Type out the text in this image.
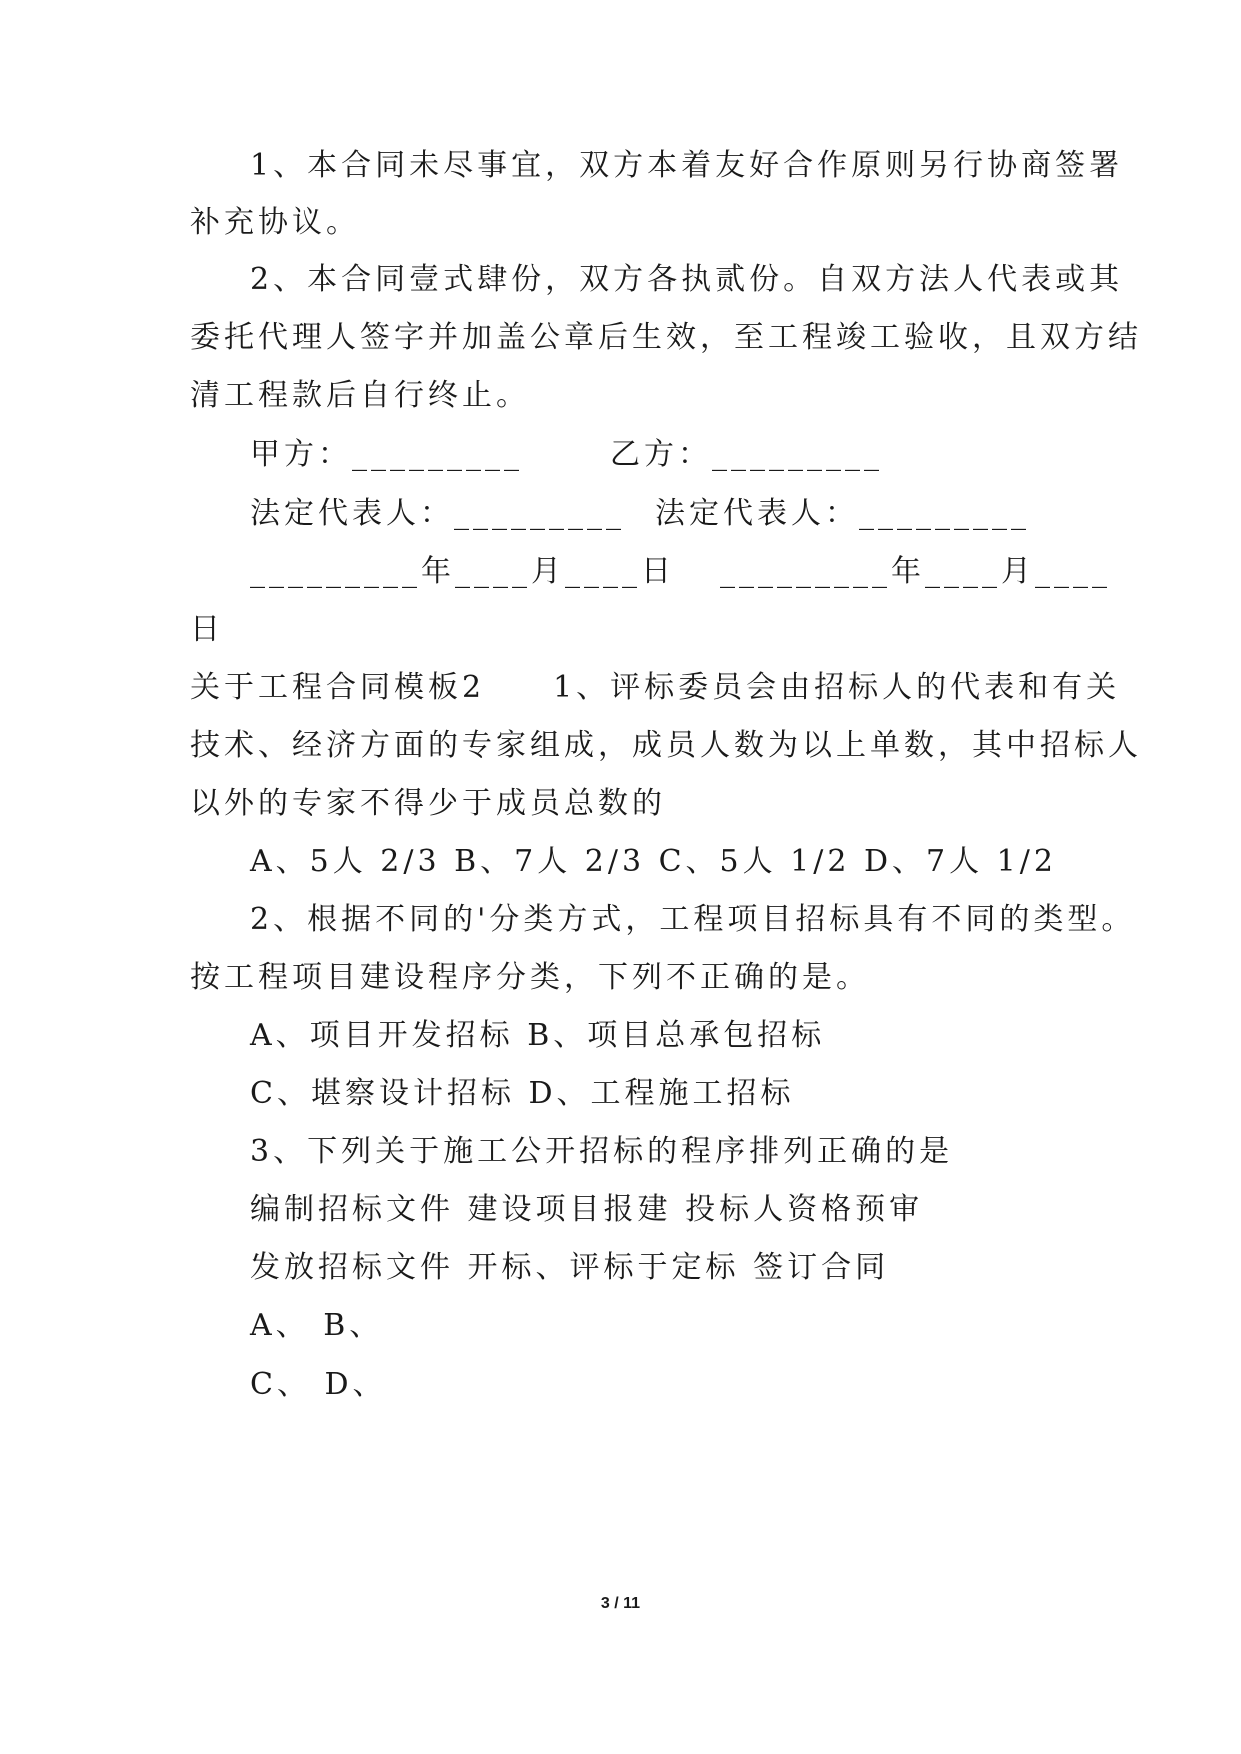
1、本合同未尽事宜，双方本着友好合作原则另行协商签署
补充协议。
2、本合同壹式肆份，双方各执贰份。自双方法人代表或其
委托代理人签字并加盖公章后生效，至工程竣工验收，且双方结
清工程款后自行终止。
甲方：_________	乙方：_________
法定代表人：_________ 法定代表人：_________
_________年____月____日 _________年____月____
日
关于工程合同模板2　　1、评标委员会由招标人的代表和有关
技术、经济方面的专家组成，成员人数为以上单数，其中招标人
以外的专家不得少于成员总数的
A、5人 2/3 B、7人 2/3 C、5人 1/2 D、7人 1/2
2、根据不同的'分类方式，工程项目招标具有不同的类型。
按工程项目建设程序分类，下列不正确的是。
A、项目开发招标 B、项目总承包招标
C、堪察设计招标 D、工程施工招标
3、下列关于施工公开招标的程序排列正确的是
编制招标文件 建设项目报建 投标人资格预审
发放招标文件 开标、评标于定标 签订合同
A、 B、
C、 D、
3 / 11
